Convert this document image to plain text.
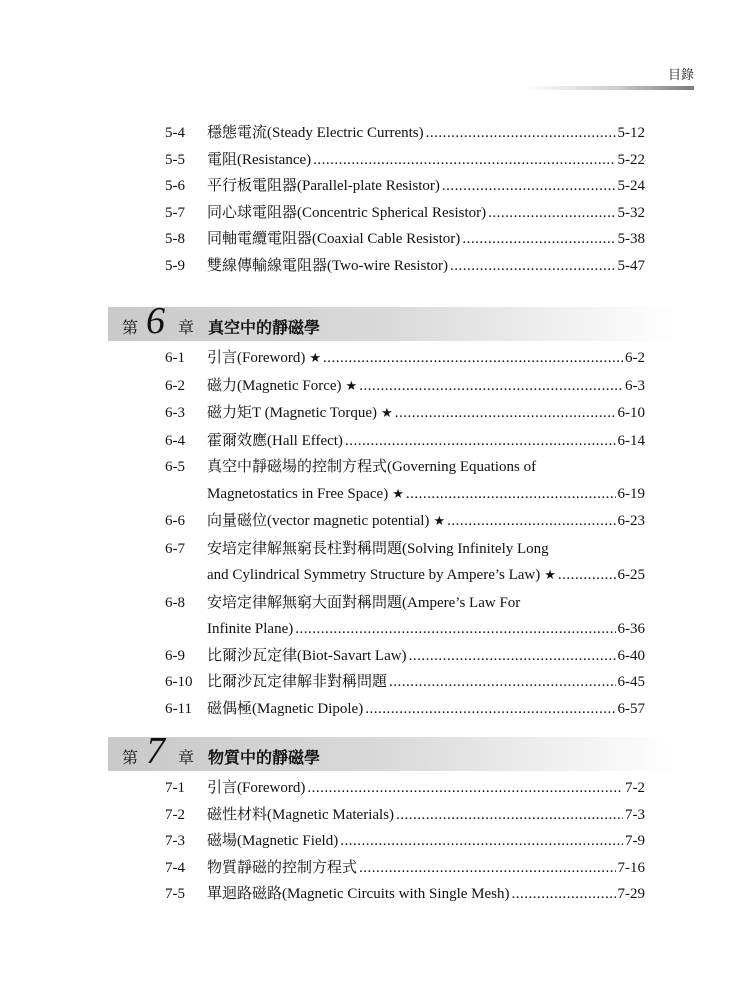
目錄
5-4	穩態電流(Steady Electric Currents) .....	5-12
5-5	電阻(Resistance) .....	5-22
5-6	平行板電阻器(Parallel-plate Resistor) .....	5-24
5-7	同心球電阻器(Concentric Spherical Resistor) .....	5-32
5-8	同軸電纜電阻器(Coaxial Cable Resistor) .....	5-38
5-9	雙線傳輸線電阻器(Two-wire Resistor) .....	5-47
第 6 章 真空中的靜磁學
6-1	引言(Foreword) ★ .....	6-2
6-2	磁力(Magnetic Force) ★ .....	6-3
6-3	磁力矩T (Magnetic Torque) ★ .....	6-10
6-4	霍爾效應(Hall Effect) .....	6-14
6-5 真空中靜磁場的控制方程式(Governing Equations of
Magnetostatics in Free Space) ★ .....	6-19
6-6	向量磁位(vector magnetic potential) ★ .....	6-23
6-7 安培定律解無窮長柱對稱問題(Solving Infinitely Long
and Cylindrical Symmetry Structure by Ampere’s Law) ★ .....	6-25
6-8 安培定律解無窮大面對稱問題(Ampere’s Law For
Infinite Plane) .....	6-36
6-9	比爾沙瓦定律(Biot-Savart Law) .....	6-40
6-10 比爾沙瓦定律解非對稱問題 .....	6-45
6-11	磁偶極(Magnetic Dipole) .....	6-57
第 7 章 物質中的靜磁學
7-1	引言(Foreword) .....	7-2
7-2	磁性材料(Magnetic Materials) .....	7-3
7-3	磁場(Magnetic Field) .....	7-9
7-4	物質靜磁的控制方程式 .....	7-16
7-5	單迴路磁路(Magnetic Circuits with Single Mesh) .....	7-29
